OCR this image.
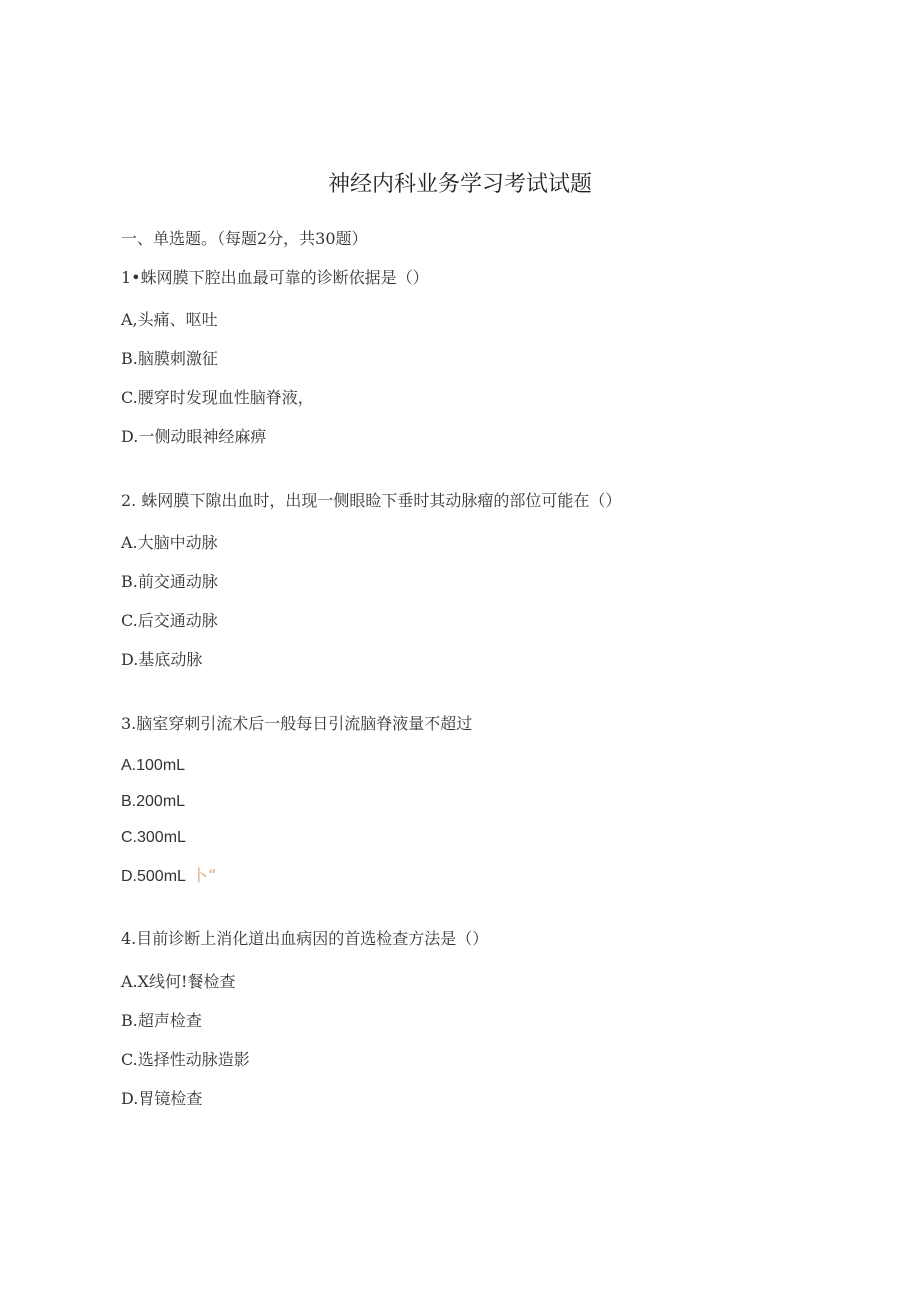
神经内科业务学习考试试题
一、单选题。（每题2分，共30题）
1•蛛网膜下腔出血最可靠的诊断依据是（）
A,头痛、呕吐
B.脑膜刺激征
C.腰穿时发现血性脑脊液，
D.一侧动眼神经麻痹
2. 蛛网膜下隙出血时，出现一侧眼睑下垂时其动脉瘤的部位可能在（）
A.大脑中动脉
B.前交通动脉
C.后交通动脉
D.基底动脉
3.脑室穿刺引流术后一般每日引流脑脊液量不超过
A.100mL
B.200mL
C.300mL
D.500mL 卜“
4.目前诊断上消化道出血病因的首选检查方法是（）
A.X线何!餐检查
B.超声检查
C.选择性动脉造影
D.胃镜检查
